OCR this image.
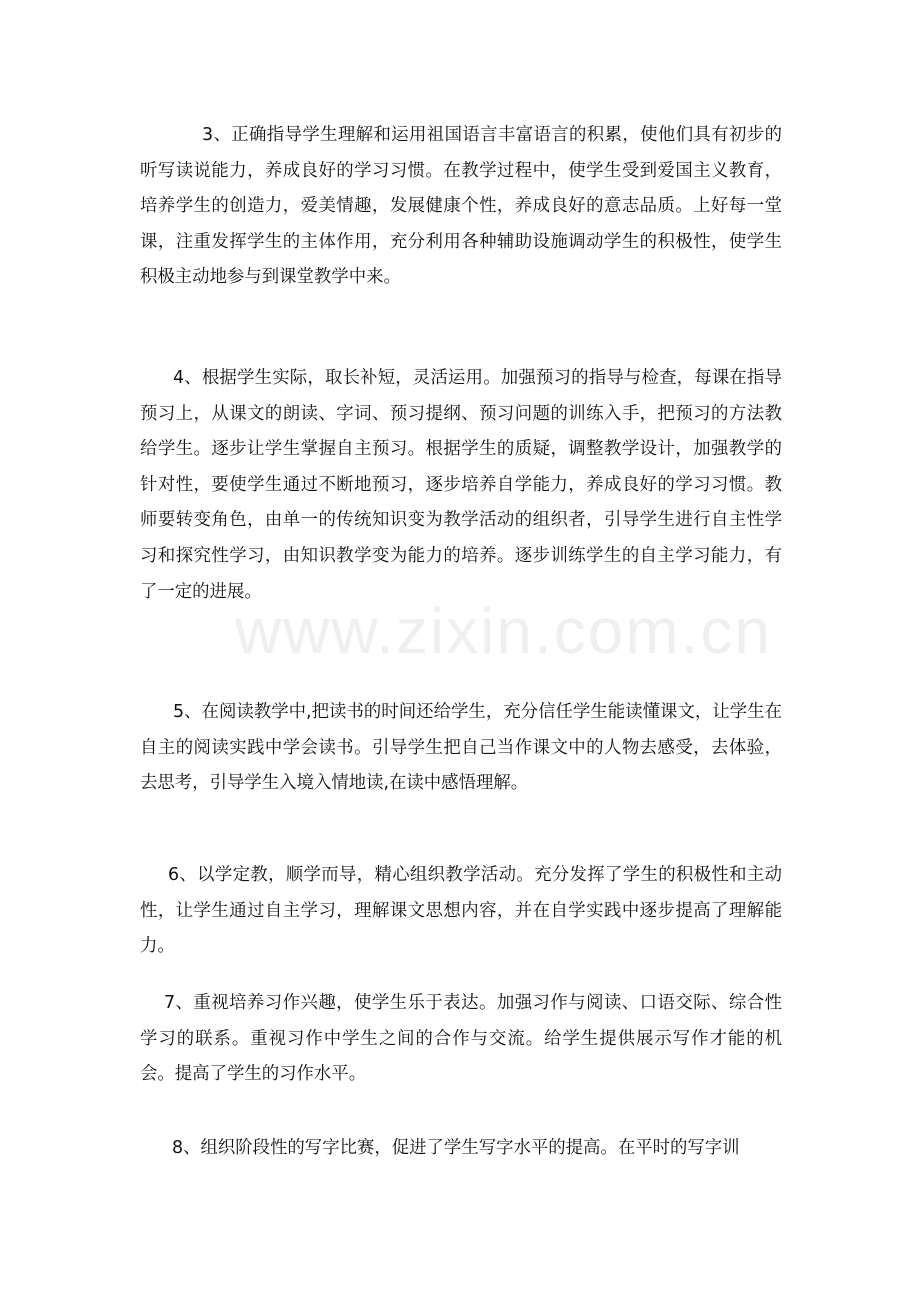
3、正确指导学生理解和运用祖国语言丰富语言的积累，使他们具有初步的听写读说能力，养成良好的学习习惯。在教学过程中，使学生受到爱国主义教育，培养学生的创造力，爱美情趣，发展健康个性，养成良好的意志品质。上好每一堂课，注重发挥学生的主体作用，充分利用各种辅助设施调动学生的积极性，使学生积极主动地参与到课堂教学中来。

4、根据学生实际，取长补短，灵活运用。加强预习的指导与检查，每课在指导预习上，从课文的朗读、字词、预习提纲、预习问题的训练入手，把预习的方法教给学生。逐步让学生掌握自主预习。根据学生的质疑，调整教学设计，加强教学的针对性，要使学生通过不断地预习，逐步培养自学能力，养成良好的学习习惯。教师要转变角色，由单一的传统知识变为教学活动的组织者，引导学生进行自主性学习和探究性学习，由知识教学变为能力的培养。逐步训练学生的自主学习能力，有了一定的进展。

5、在阅读教学中,把读书的时间还给学生，充分信任学生能读懂课文，让学生在自主的阅读实践中学会读书。引导学生把自己当作课文中的人物去感受，去体验，去思考，引导学生入境入情地读,在读中感悟理解。

6、以学定教，顺学而导，精心组织教学活动。充分发挥了学生的积极性和主动性，让学生通过自主学习，理解课文思想内容，并在自学实践中逐步提高了理解能力。

7、重视培养习作兴趣，使学生乐于表达。加强习作与阅读、口语交际、综合性学习的联系。重视习作中学生之间的合作与交流。给学生提供展示写作才能的机会。提高了学生的习作水平。

8、组织阶段性的写字比赛，促进了学生写字水平的提高。在平时的写字训

www.zixin.com.cn
